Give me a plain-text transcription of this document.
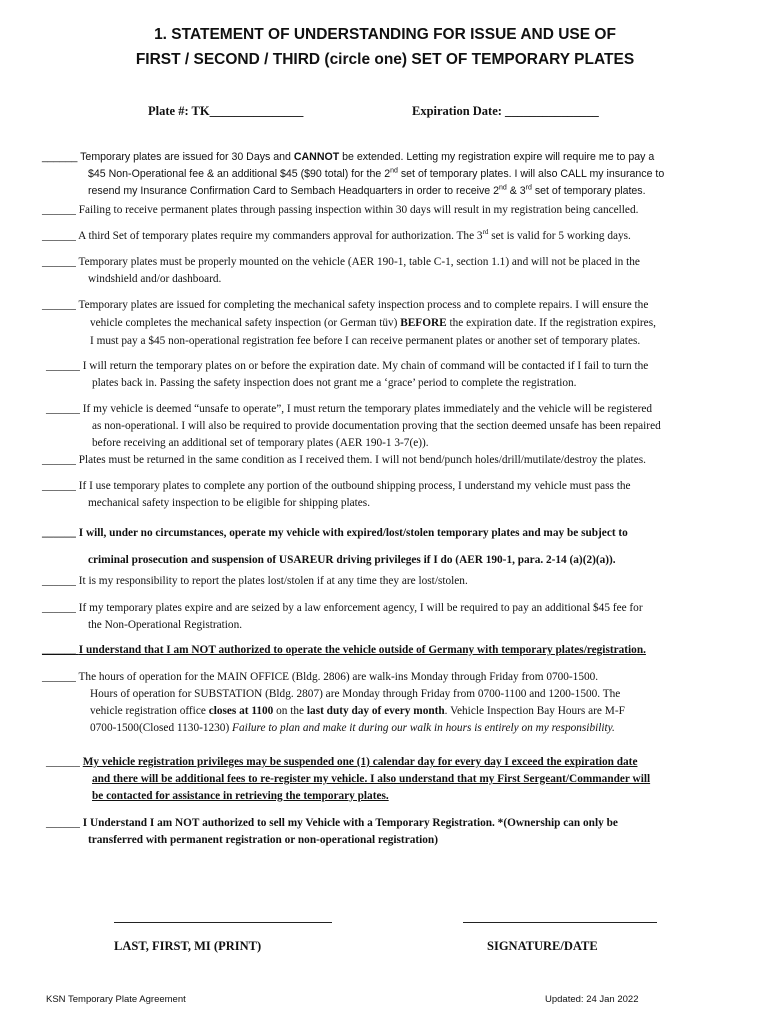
1. STATEMENT OF UNDERSTANDING FOR ISSUE AND USE OF
FIRST / SECOND / THIRD (circle one) SET OF TEMPORARY PLATES
Plate #: TK_______________	Expiration Date: _______________
______ Temporary plates are issued for 30 Days and CANNOT be extended. Letting my registration expire will require me to pay a
$45 Non-Operational fee & an additional $45 ($90 total) for the 2nd set of temporary plates. I will also CALL my insurance to
resend my Insurance Confirmation Card to Sembach Headquarters in order to receive 2nd & 3rd set of temporary plates.
______ Failing to receive permanent plates through passing inspection within 30 days will result in my registration being cancelled.
______ A third Set of temporary plates require my commanders approval for authorization. The 3rd set is valid for 5 working days.
______ Temporary plates must be properly mounted on the vehicle (AER 190-1, table C-1, section 1.1) and will not be placed in the
windshield and/or dashboard.
______ Temporary plates are issued for completing the mechanical safety inspection process and to complete repairs. I will ensure the
vehicle completes the mechanical safety inspection (or German tüv) BEFORE the expiration date. If the registration expires,
I must pay a $45 non-operational registration fee before I can receive permanent plates or another set of temporary plates.
______ I will return the temporary plates on or before the expiration date. My chain of command will be contacted if I fail to turn the
plates back in. Passing the safety inspection does not grant me a ‘grace’ period to complete the registration.
______ If my vehicle is deemed “unsafe to operate”, I must return the temporary plates immediately and the vehicle will be registered
as non-operational. I will also be required to provide documentation proving that the section deemed unsafe has been repaired
before receiving an additional set of temporary plates (AER 190-1 3-7(e)).
______ Plates must be returned in the same condition as I received them. I will not bend/punch holes/drill/mutilate/destroy the plates.
______ If I use temporary plates to complete any portion of the outbound shipping process, I understand my vehicle must pass the
mechanical safety inspection to be eligible for shipping plates.
______ I will, under no circumstances, operate my vehicle with expired/lost/stolen temporary plates and may be subject to
criminal prosecution and suspension of USAREUR driving privileges if I do (AER 190-1, para. 2-14 (a)(2)(a)).
______ It is my responsibility to report the plates lost/stolen if at any time they are lost/stolen.
______ If my temporary plates expire and are seized by a law enforcement agency, I will be required to pay an additional $45 fee for
the Non-Operational Registration.
______ I understand that I am NOT authorized to operate the vehicle outside of Germany with temporary plates/registration.
______ The hours of operation for the MAIN OFFICE (Bldg. 2806) are walk-ins Monday through Friday from 0700-1500.
Hours of operation for SUBSTATION (Bldg. 2807) are Monday through Friday from 0700-1100 and 1200-1500. The
vehicle registration office closes at 1100 on the last duty day of every month. Vehicle Inspection Bay Hours are M-F
0700-1500(Closed 1130-1230) Failure to plan and make it during our walk in hours is entirely on my responsibility.
______ My vehicle registration privileges may be suspended one (1) calendar day for every day I exceed the expiration date
and there will be additional fees to re-register my vehicle. I also understand that my First Sergeant/Commander will
be contacted for assistance in retrieving the temporary plates.
______ I Understand I am NOT authorized to sell my Vehicle with a Temporary Registration. *(Ownership can only be
transferred with permanent registration or non-operational registration)
LAST, FIRST, MI (PRINT)	SIGNATURE/DATE
KSN Temporary Plate Agreement	Updated: 24 Jan 2022
